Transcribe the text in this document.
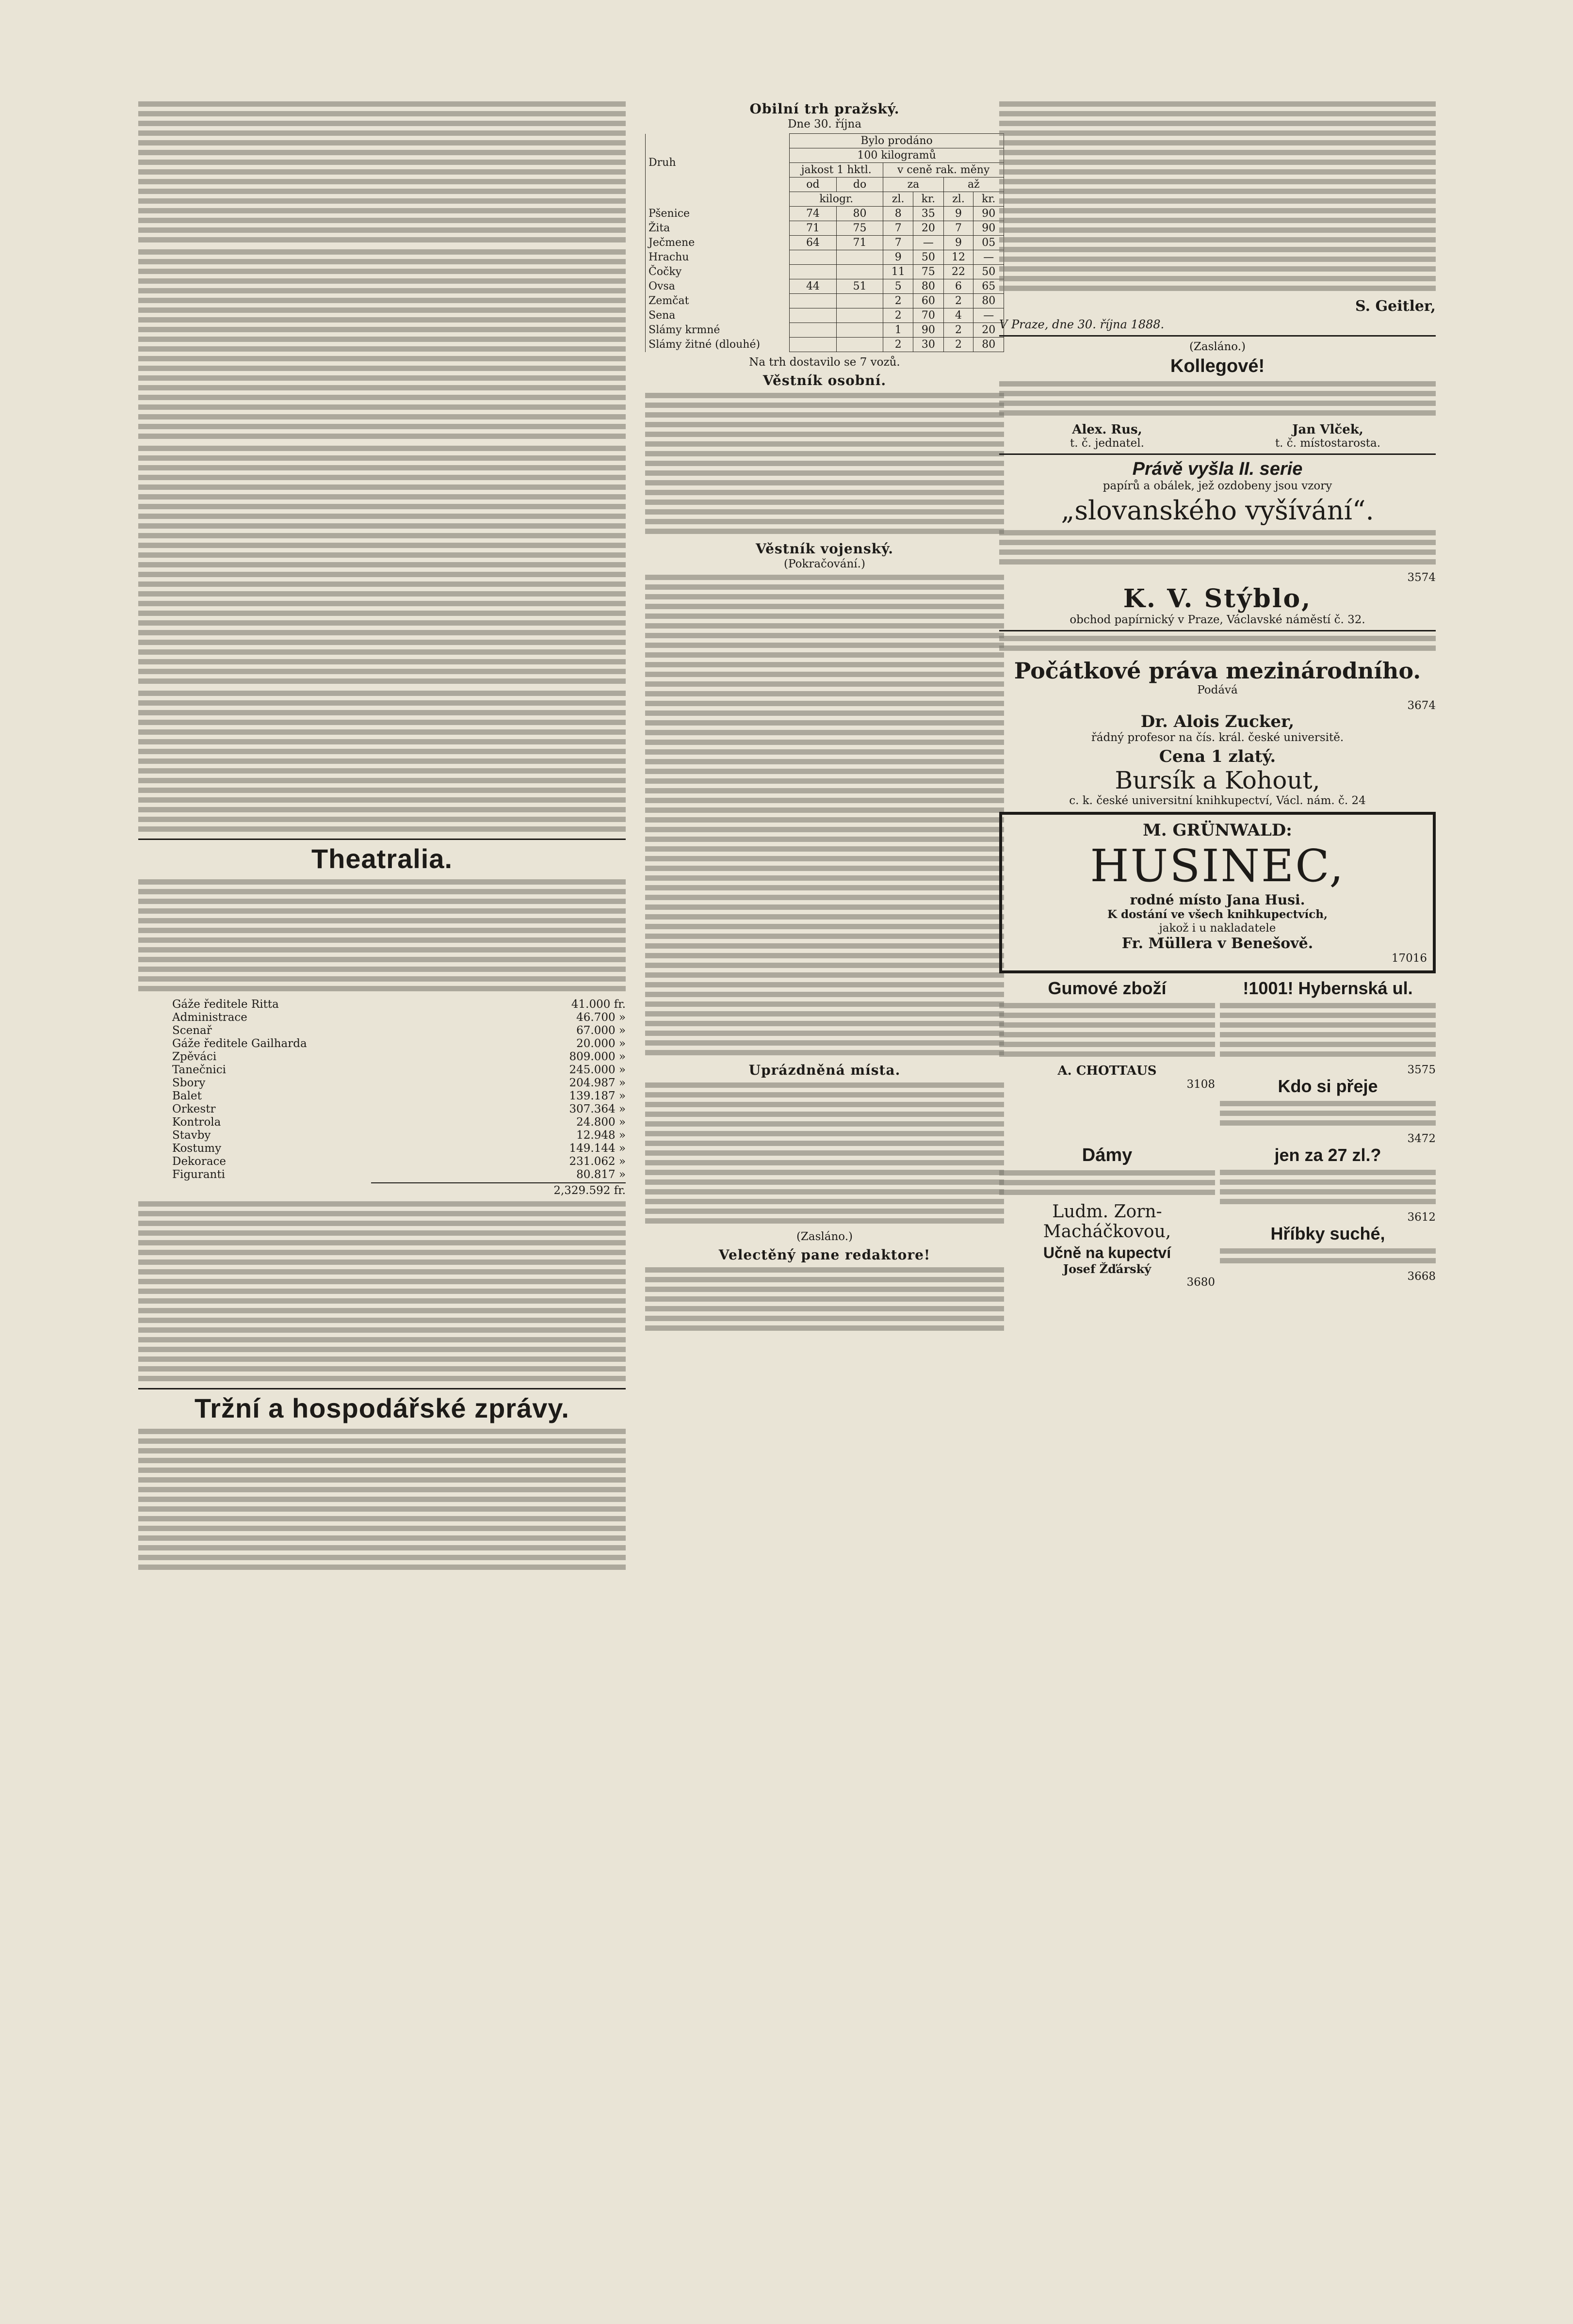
Theatralia.
Gáže ředitele Ritta	41.000 fr.
Administrace	46.700 »
Scenař	67.000 »
Gáže ředitele Gailharda	20.000 »
Zpěváci	809.000 »
Tanečnici	245.000 »
Sbory	204.987 »
Balet	139.187 »
Orkestr	307.364 »
Kontrola	24.800 »
Stavby	12.948 »
Kostumy	149.144 »
Dekorace	231.062 »
Figuranti	80.817 »
2,329.592 fr.
Tržní a hospodářské zprávy.
Obilní trh pražský.
Dne 30. října
Druh	Bylo prodáno					
	100 kilogramů					
	jakost 1 hktl.		v ceně rak. měny			
	od	do	za		až	
	kilogr.		zl.	kr.	zl.	kr.
Pšenice	74	80	8	35	9	90
Žita	71	75	7	20	7	90
Ječmene	64	71	7	—	9	05
Hrachu			9	50	12	—
Čočky			11	75	22	50
Ovsa	44	51	5	80	6	65
Zemčat			2	60	2	80
Sena			2	70	4	—
Slámy krmné			1	90	2	20
Slámy žitné (dlouhé)			2	30	2	80
Na trh dostavilo se 7 vozů.
Věstník osobní.
Věstník vojenský.
(Pokračování.)
Uprázdněná místa.
(Zasláno.)
Velectěný pane redaktore!
S. Geitler,
V Praze, dne 30. října 1888.
(Zasláno.)
Kollegové!
Alex. Rus,
t. č. jednatel.
Jan Vlček,
t. č. místostarosta.
Právě vyšla II. serie
papírů a obálek, jež ozdobeny jsou vzory
„slovanského vyšívání“.
3574
K. V. Stýblo,
obchod papírnický v Praze, Václavské náměstí č. 32.
Počátkové práva mezinárodního.
Podává
3674
Dr. Alois Zucker,
řádný profesor na čís. král. české universitě.
Cena 1 zlatý.
Bursík a Kohout,
c. k. české universitní knihkupectví, Václ. nám. č. 24
M. GRÜNWALD:
HUSINEC,
rodné místo Jana Husi.
K dostání ve všech knihkupectvích,
jakož i u nakladatele
Fr. Müllera v Benešově.
17016
Gumové zboží
A. CHOTTAUS
3108
!1001! Hybernská ul.
3575
Kdo si přeje
3472
Dámy
Ludm. Zorn-Macháčkovou,
jen za 27 zl.?
3612
Hříbky suché,
Učně na kupectví
Josef Žďárský
3680	3668
